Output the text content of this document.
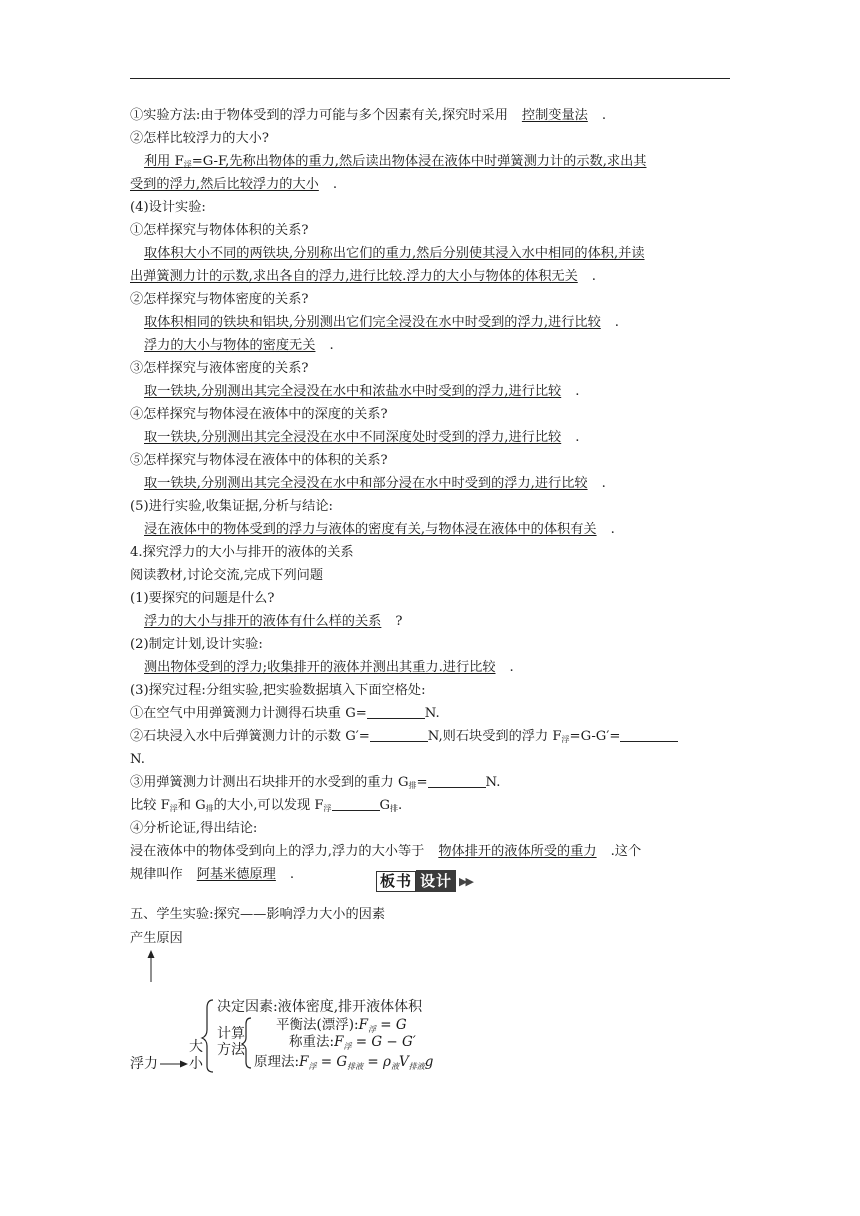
①实验方法:由于物体受到的浮力可能与多个因素有关,探究时采用 控制变量法 .
②怎样比较浮力的大小?
利用 $F_浮=G-F$,先称出物体的重力,然后读出物体浸在液体中时弹簧测力计的示数,求出其
受到的浮力,然后比较浮力的大小 .
(4)设计实验:
①怎样探究与物体体积的关系?
取体积大小不同的两铁块,分别称出它们的重力,然后分别使其浸入水中相同的体积,并读
出弹簧测力计的示数,求出各自的浮力,进行比较.浮力的大小与物体的体积无关 .
②怎样探究与物体密度的关系?
取体积相同的铁块和铝块,分别测出它们完全浸没在水中时受到的浮力,进行比较 .
浮力的大小与物体的密度无关 .
③怎样探究与液体密度的关系?
取一铁块,分别测出其完全浸没在水中和浓盐水中时受到的浮力,进行比较 .
④怎样探究与物体浸在液体中的深度的关系?
取一铁块,分别测出其完全浸没在水中不同深度处时受到的浮力,进行比较 .
⑤怎样探究与物体浸在液体中的体积的关系?
取一铁块,分别测出其完全浸没在水中和部分浸在水中时受到的浮力,进行比较 .
(5)进行实验,收集证据,分析与结论:
浸在液体中的物体受到的浮力与液体的密度有关,与物体浸在液体中的体积有关 .
4.探究浮力的大小与排开的液体的关系
阅读教材,讨论交流,完成下列问题
(1)要探究的问题是什么?
浮力的大小与排开的液体有什么样的关系 ?
(2)制定计划,设计实验:
测出物体受到的浮力;收集排开的液体并测出其重力.进行比较 .
(3)探究过程:分组实验,把实验数据填入下面空格处:
①在空气中用弹簧测力计测得石块重 G=	N.
②石块浸入水中后弹簧测力计的示数 G′=	N,则石块受到的浮力 $F_浮=G-G'=$
N.
③用弹簧测力计测出石块排开的水受到的重力 $G_排=$	N.
比较 $F_浮$和 $G_排$的大小,可以发现 $F_浮$	$G_排$.
④分析论证,得出结论:
浸在液体中的物体受到向上的浮力,浮力的大小等于 物体排开的液体所受的重力 .这个
规律叫作 阿基米德原理 .	板书 设计 ▶▶
五、学生实验:探究——影响浮力大小的因素
产生原因
浮力
大
小
决定因素:液体密度,排开液体体积
计算
方法
平衡法(漂浮)$:F_浮 = G$
称重法$:F_浮 = G - G'$
原理法$:F_浮 = G_{排液} = \rho_液V_{排液}g$
